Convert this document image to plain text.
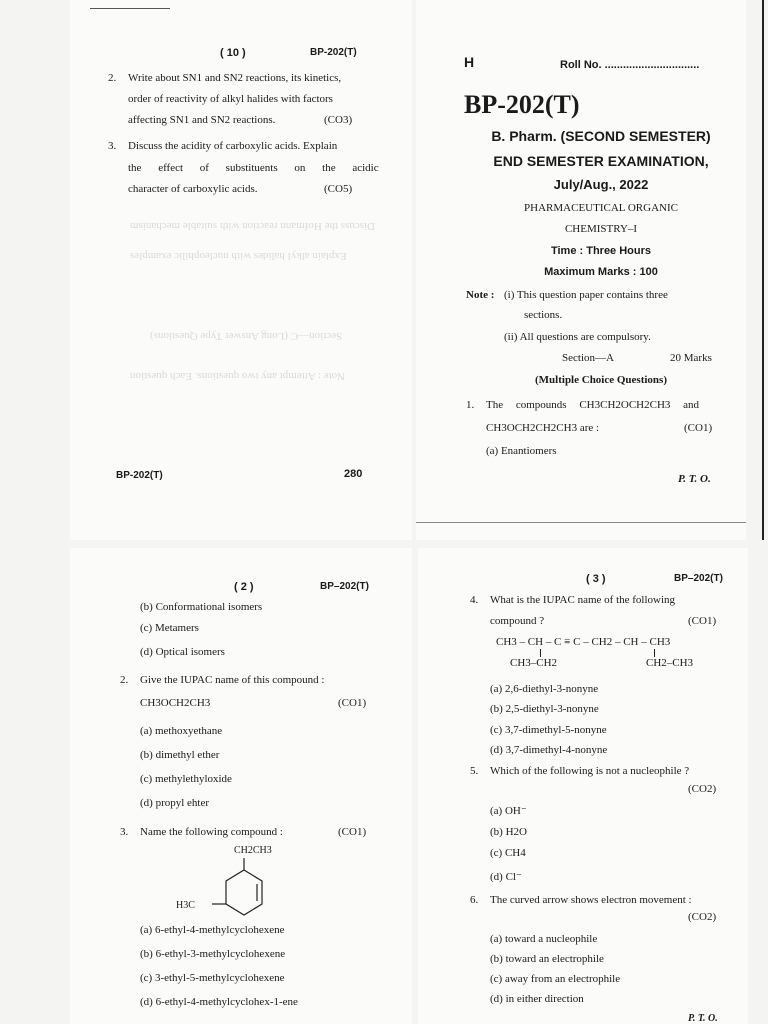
( 10 )	BP-202(T)
2. Write about SN1 and SN2 reactions, its kinetics,
order of reactivity of alkyl halides with factors
affecting SN1 and SN2 reactions.	(CO3)
3. Discuss the acidity of carboxylic acids. Explain
the effect of substituents on the acidic
character of carboxylic acids.	(CO5)
Discuss the Hofmann reaction with suitable mechanism
Explain alkyl halides with nucleophilic examples
Section—C (Long Answer Type Questions)
Note : Attempt any two questions. Each question
BP-202(T)	280
H	Roll No. ...............................
BP-202(T)
B. Pharm. (SECOND SEMESTER)
END SEMESTER EXAMINATION,
July/Aug., 2022
PHARMACEUTICAL ORGANIC
CHEMISTRY–I
Time : Three Hours
Maximum Marks : 100
Note : (i) This question paper contains three
sections.
(ii) All questions are compulsory.
Section—A	20 Marks
(Multiple Choice Questions)
1. The compounds CH3CH2OCH2CH3 and
CH3OCH2CH2CH3 are :	(CO1)
(a) Enantiomers
P. T. O.
( 2 )	BP–202(T)
(b) Conformational isomers
(c) Metamers
(d) Optical isomers
2. Give the IUPAC name of this compound :
CH3OCH2CH3	(CO1)
(a) methoxyethane
(b) dimethyl ether
(c) methylethyloxide
(d) propyl ehter
3. Name the following compound :	(CO1)
CH2CH3
H3C
(a) 6-ethyl-4-methylcyclohexene
(b) 6-ethyl-3-methylcyclohexene
(c) 3-ethyl-5-methylcyclohexene
(d) 6-ethyl-4-methylcyclohex-1-ene
( 3 )	BP–202(T)
4. What is the IUPAC name of the following
compound ?	(CO1)
CH3 – CH – C ≡ C – CH2 – CH – CH3
CH3–CH2	CH2–CH3
(a) 2,6-diethyl-3-nonyne
(b) 2,5-diethyl-3-nonyne
(c) 3,7-dimethyl-5-nonyne
(d) 3,7-dimethyl-4-nonyne
5. Which of the following is not a nucleophile ?
(CO2)
(a) OH⁻
(b) H2O
(c) CH4
(d) Cl⁻
6. The curved arrow shows electron movement :
(CO2)
(a) toward a nucleophile
(b) toward an electrophile
(c) away from an electrophile
(d) in either direction
P. T. O.
